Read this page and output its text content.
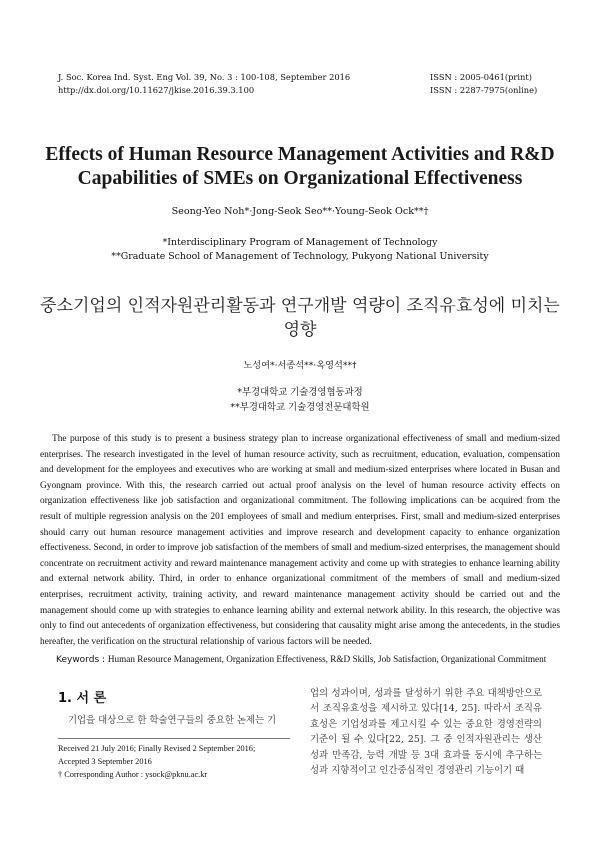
J. Soc. Korea Ind. Syst. Eng Vol. 39, No. 3 : 100-108, September 2016
http://dx.doi.org/10.11627/jkise.2016.39.3.100
ISSN : 2005-0461(print)
ISSN : 2287-7975(online)
Effects of Human Resource Management Activities and R&D Capabilities of SMEs on Organizational Effectiveness
Seong-Yeo Noh*·Jong-Seok Seo**·Young-Seok Ock**†
*Interdisciplinary Program of Management of Technology
**Graduate School of Management of Technology, Pukyong National University
중소기업의 인적자원관리활동과 연구개발 역량이 조직유효성에 미치는 영향
노성여*·서종석**·옥영석**†
*부경대학교 기술경영협동과정
**부경대학교 기술경영전문대학원
The purpose of this study is to present a business strategy plan to increase organizational effectiveness of small and medium-sized enterprises. The research investigated in the level of human resource activity, such as recruitment, education, evaluation, compensation and development for the employees and executives who are working at small and medium-sized enterprises where located in Busan and Gyongnam province. With this, the research carried out actual proof analysis on the level of human resource activity effects on organization effectiveness like job satisfaction and organizational commitment. The following implications can be acquired from the result of multiple regression analysis on the 201 employees of small and medium enterprises. First, small and medium-sized enterprises should carry out human resource management activities and improve research and development capacity to enhance organization effectiveness. Second, in order to improve job satisfaction of the members of small and medium-sized enterprises, the management should concentrate on recruitment activity and reward maintenance management activity and come up with strategies to enhance learning ability and external network ability. Third, in order to enhance organizational commitment of the members of small and medium-sized enterprises, recruitment activity, training activity, and reward maintenance management activity should be carried out and the management should come up with strategies to enhance learning ability and external network ability. In this research, the objective was only to find out antecedents of organization effectiveness, but considering that causality might arise among the antecedents, in the studies hereafter, the verification on the structural relationship of various factors will be needed.
Keywords : Human Resource Management, Organization Effectiveness, R&D Skills, Job Satisfaction, Organizational Commitment
1. 서 론
기업을 대상으로 한 학술연구들의 중요한 논제는 기
Received 21 July 2016; Finally Revised 2 September 2016;
Accepted 3 September 2016
† Corresponding Author : ysock@pknu.ac.kr
업의 성과이며, 성과를 달성하기 위한 주요 대책방안으로서 조직유효성을 제시하고 있다[14, 25]. 따라서 조직유효성은 기업성과를 제고시킬 수 있는 중요한 경영전략의 기준이 될 수 있다[22, 25]. 그 중 인적자원관리는 생산성과 만족감, 능력 개발 등 3대 효과를 동시에 추구하는 성과 지향적이고 인간중심적인 경영관리 기능이기 때
